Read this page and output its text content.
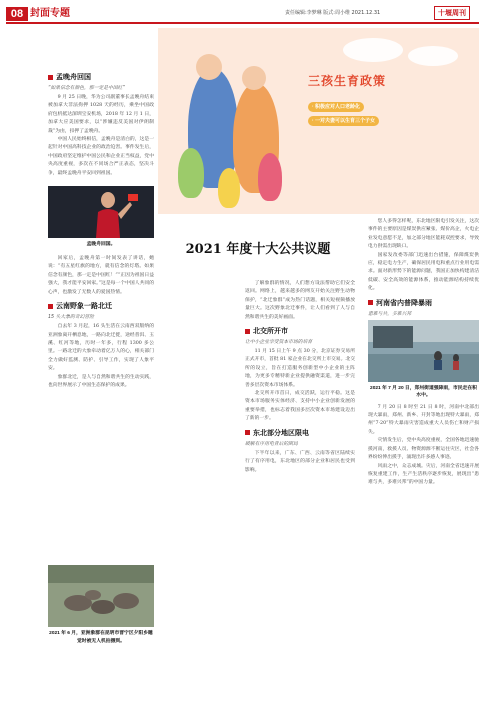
08 封面专题	责任编辑:李梦琳 版式:周小维 2021.12.31	十堰周刊
孟晚舟回国
“如果信念有颜色，那一定是中国红”

9 月 25 日晚，华为公司副董事长孟晚舟结束被加拿大非法拘押 1028 天的经历，乘坐中国政府包机抵达深圳宝安机场，2018 年 12 月 1 日，加拿大应美国要求，以“涉嫌违反美国对伊朗制裁”为由，扣押了孟晚舟。

中国人民始终相信，孟晚舟是清白的，这是一起针对中国高科技企业的政治迫害。事件发生后，中国政府坚定维护中国公民和企业正当权益，党中央高度重视，多次在不同场合严正表态，坚决斗争，最终孟晚舟平安回到祖国。

孟晚舟回国。

回家后，孟晚舟第一时间发表了讲话，她说：“有五星红旗的地方，就有信念的灯塔。如果信念有颜色，那一定是中国红！”“正因为祖国日益强大，我才能平安回家。”这是每一个中国人共同的心声，也激发了无数人的爱国热情。

云南野象一路北迁
15 头大象的奇幻冒险

自去年 3 月起，16 头生活在云南西双版纳的亚洲象离开栖息地，一路向北迁徙，途经普洱、玉溪、红河等地，历时一年多，行程 1300 多公里。一路北迁的大象牵动着亿万人的心，相关部门全力做好监测、防护、引导工作，实现了人象平安。

象群北迁，是人与自然和谐共生的生动实践，也向世界展示了中国生态保护的成果。

2021 年 6 月，亚洲象群在昆明市晋宁区夕阳乡睡觉时被无人机拍摄到。
三孩生育政策
· 积极应对人口老龄化
· 一对夫妻可以生育三个子女
2021 年度十大公共议题

了解象群的情况，人们想方设法帮助它们安全返回。网络上，越来越多的网友开始关注野生动物保护，“北迁象群”成为热门话题，相关短视频播放量巨大。这次野象北迁事件，让人们看到了人与自然和谐共生的美好画面。

北交所开市
让中小企业享受资本市场的培育

11 月 15 日上午 9 点 30 分，北京证券交易所正式开市，首批 81 家企业在北交所上市交易。北交所的设立，旨在打造服务创新型中小企业的主阵地，为更多专精特新企业提供融资渠道，进一步完善多层次资本市场体系。

北交所开市首日，成交活跃，运行平稳。这是资本市场服务实体经济、支持中小企业创新发展的重要举措，也标志着我国多层次资本市场建设迈出了新的一步。

东北部分地区限电
破解有序用电背后的困局

下半年以来，广东、广西、云南等省区陆续实行了有序用电，东北地区的部分企业和居民也受到影响。

您人多得怎样呢，东北地区限电引发关注，这次事件的主要原因是煤炭供应紧张、煤价高企，火电企业发电意愿不足，加之部分地区能耗双控要求，导致电力供需出现缺口。

国家发改委等部门迅速出台措施，保障煤炭供应，稳定电力生产，确保居民用电和重点行业用电需求。面对新形势下的能源问题，我国正加快构建清洁低碳、安全高效的能源体系，推动能源结构持续优化。

河南省内普降暴雨
患难与共，多难兴邦
2021 年 7 月 20 日，郑州街道强降雨，市民走在积水中。

7 月 20 日 8 时至 21 日 8 时，河南中北部出现大暴雨，郑州、新乡、开封等地出现特大暴雨，郑州“7·20”特大暴雨灾害造成重大人员伤亡和财产损失。

灾情发生后，党中央高度重视，全国各地迅速驰援河南，救援人员、物资源源不断运往灾区，社会各界纷纷伸出援手，涌现出许多感人事迹。

风雨之中，众志成城。灾后，河南全省迅速开展恢复重建工作，生产生活秩序逐步恢复，展现出“患难与共，多难兴邦”的中国力量。
